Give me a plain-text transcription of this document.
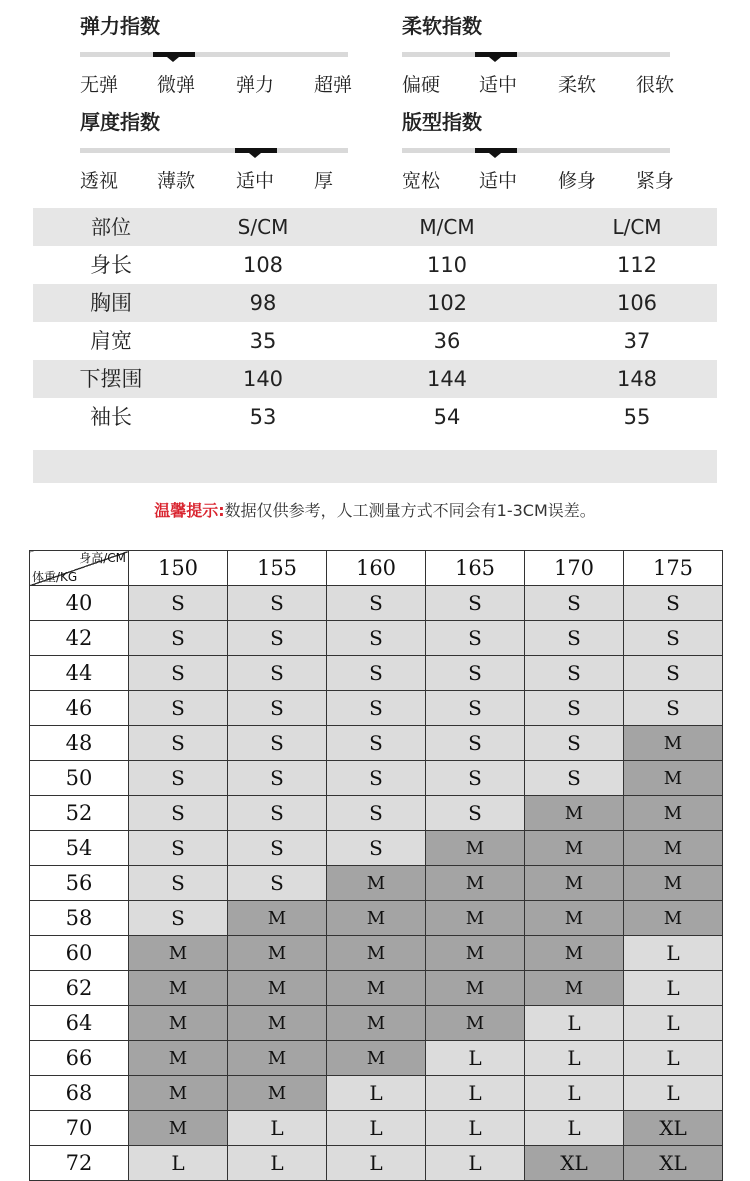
弹力指数
无弹 微弹 弹力 超弹
柔软指数
偏硬 适中 柔软 很软
厚度指数
透视 薄款 适中 厚
版型指数
宽松 适中 修身 紧身
部位	S/CM	M/CM	L/CM
身长	108	110	112
胸围	98	102	106
肩宽	35	36	37
下摆围	140	144	148
袖长	53	54	55
温馨提示:数据仅供参考，人工测量方式不同会有1-3CM误差。
身高/CM
体重/KG	150	155	160	165	170	175
40	S	S	S	S	S	S
42	S	S	S	S	S	S
44	S	S	S	S	S	S
46	S	S	S	S	S	S
48	S	S	S	S	S	M
50	S	S	S	S	S	M
52	S	S	S	S	M	M
54	S	S	S	M	M	M
56	S	S	M	M	M	M
58	S	M	M	M	M	M
60	M	M	M	M	M	L
62	M	M	M	M	M	L
64	M	M	M	M	L	L
66	M	M	M	L	L	L
68	M	M	L	L	L	L
70	M	L	L	L	L	XL
72	L	L	L	L	XL	XL
